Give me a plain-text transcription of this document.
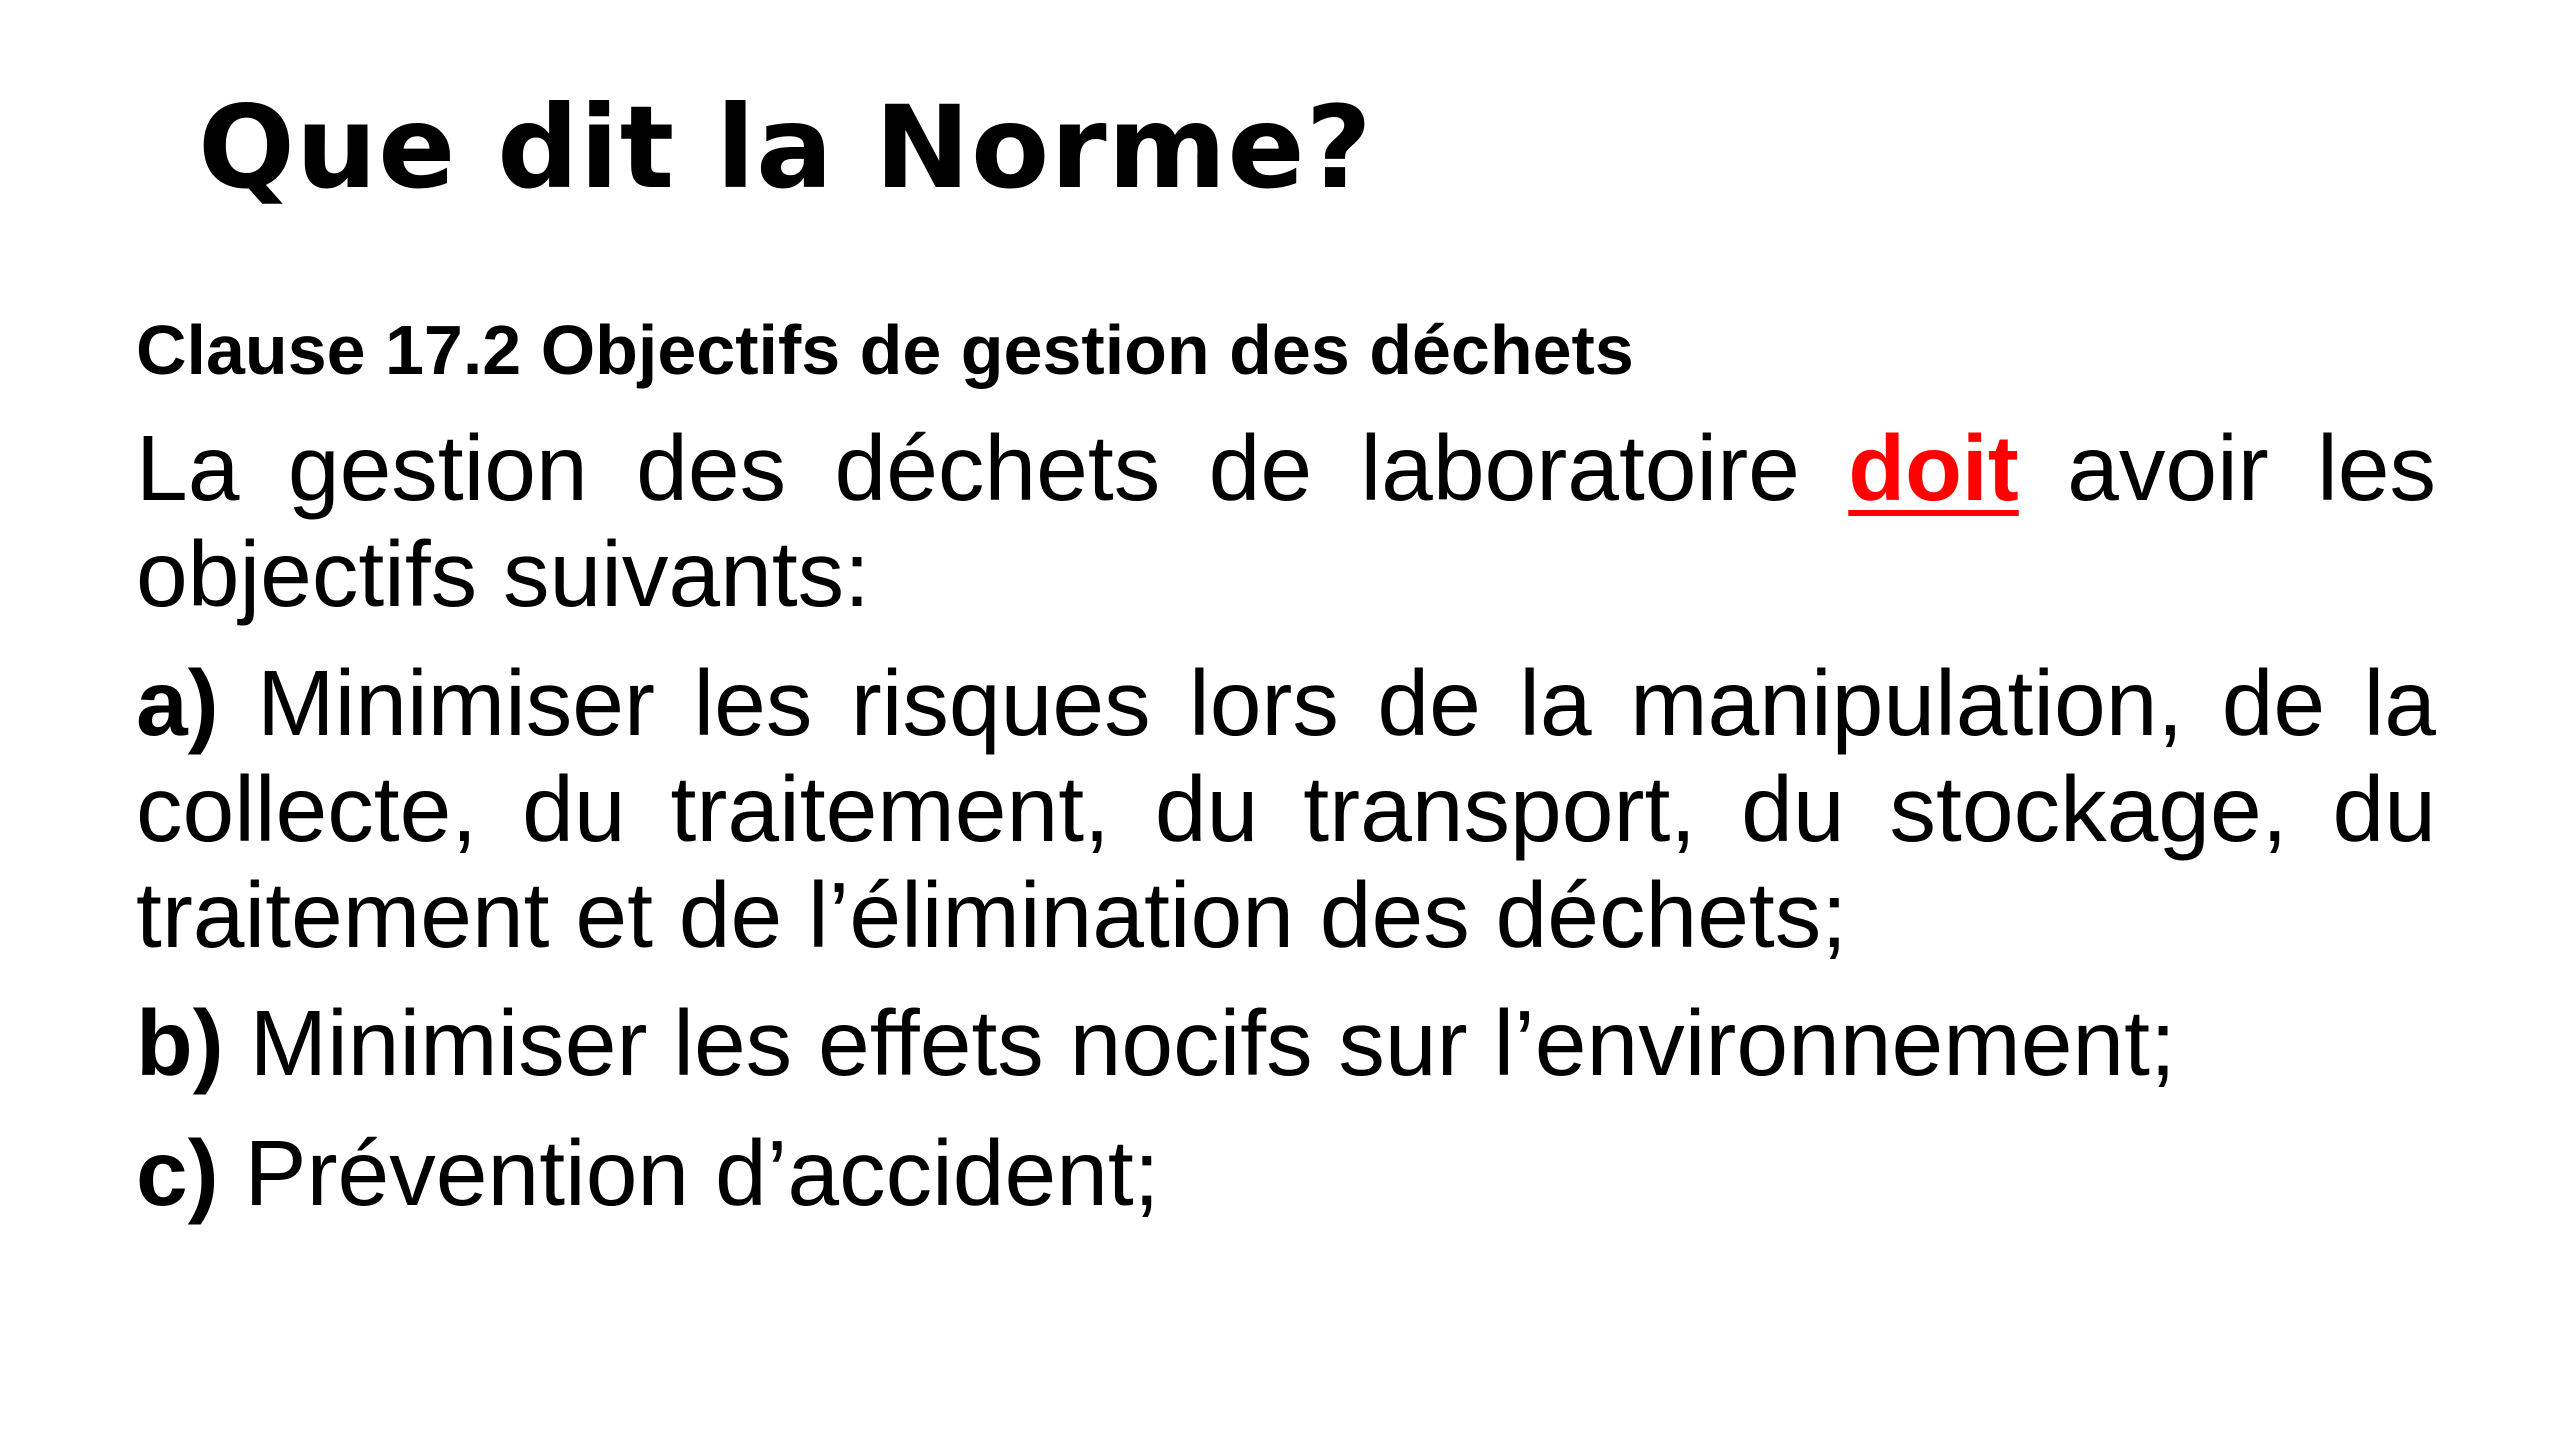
Que dit la Norme?

Clause 17.2 Objectifs de gestion des déchets

La gestion des déchets de laboratoire doit avoir les objectifs suivants:

a) Minimiser les risques lors de la manipulation, de la collecte, du traitement, du transport, du stockage, du traitement et de l’élimination des déchets;

b) Minimiser les effets nocifs sur l’environnement;

c) Prévention d’accident;
